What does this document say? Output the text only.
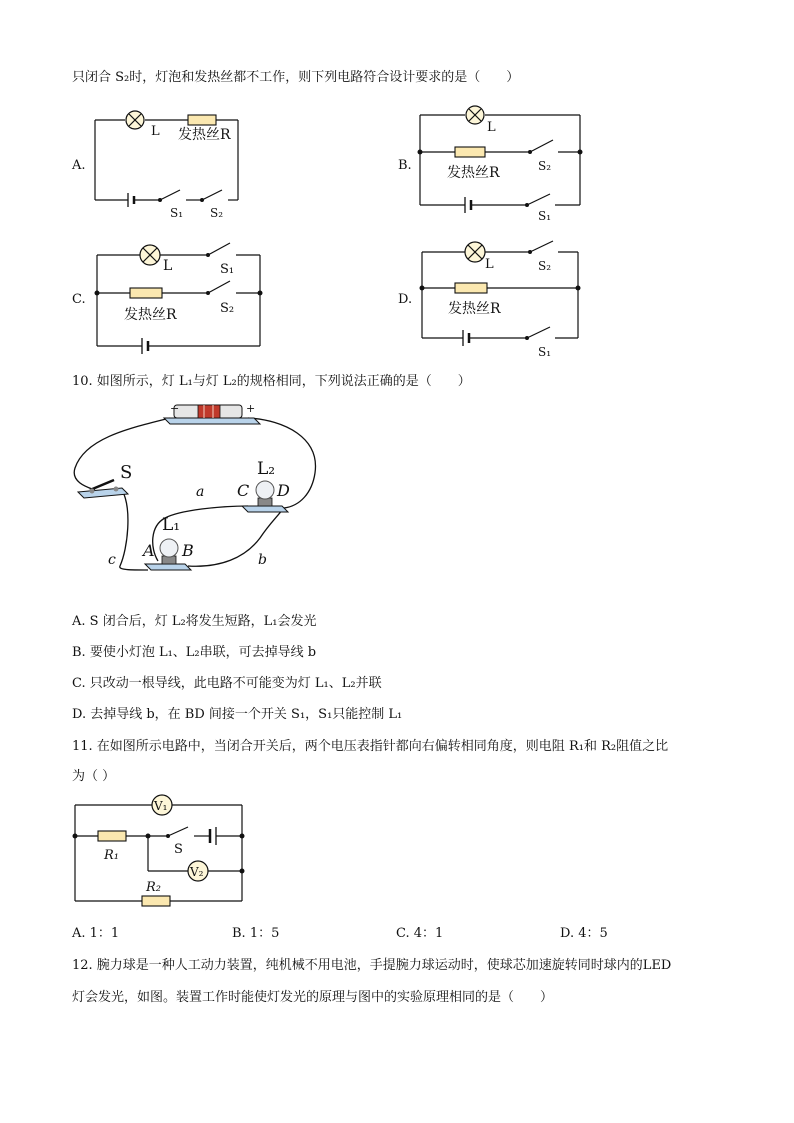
只闭合 S₂时，灯泡和发热丝都不工作，则下列电路符合设计要求的是（　　）
A.
L 发热丝R
S₁ S₂
B.
L
发热丝R	S₂
S₁
C.
L
发热丝R
S₁
S₂
D.
L
发热丝R
S₂
S₁
10. 如图所示，灯 L₁与灯 L₂的规格相同，下列说法正确的是（　　）
−	+
S	L₂
C D
a
L₁
A B	b
c
A. S 闭合后，灯 L₂将发生短路，L₁会发光
B. 要使小灯泡 L₁、L₂串联，可去掉导线 b
C. 只改动一根导线，此电路不可能变为灯 L₁、L₂并联
D. 去掉导线 b，在 BD 间接一个开关 S₁，S₁只能控制 L₁
11. 在如图所示电路中，当闭合开关后，两个电压表指针都向右偏转相同角度，则电阻 R₁和 R₂阻值之比
为（ ）
V₁
V₂
R₁
R₂
S
A. 1：1	B. 1：5	C. 4：1	D. 4：5
12. 腕力球是一种人工动力装置，纯机械不用电池，手提腕力球运动时，使球芯加速旋转同时球内的LED
灯会发光，如图。装置工作时能使灯发光的原理与图中的实验原理相同的是（　　）
